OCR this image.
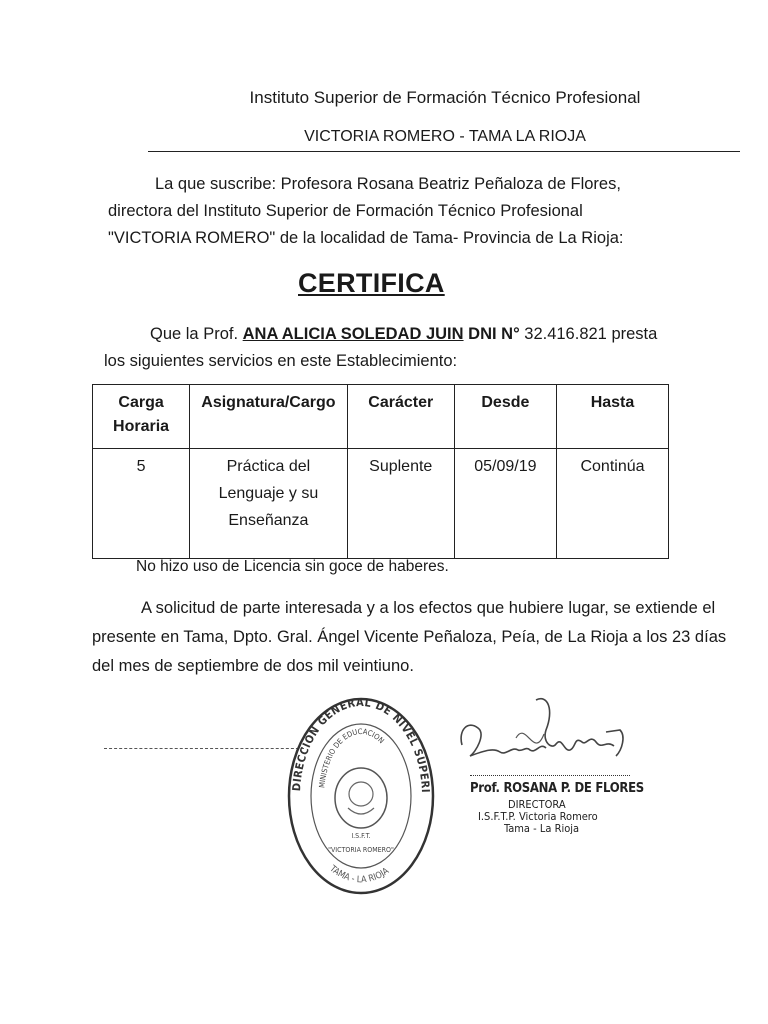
Instituto Superior de Formación Técnico Profesional
VICTORIA ROMERO - TAMA LA RIOJA
La que suscribe: Profesora Rosana Beatriz Peñaloza de Flores,
directora del Instituto Superior de Formación Técnico Profesional
"VICTORIA ROMERO" de la localidad de Tama- Provincia de La Rioja:
CERTIFICA
Que la Prof. ANA ALICIA SOLEDAD JUIN DNI N° 32.416.821 presta
los siguientes servicios en este Establecimiento:
Carga Horaria	Asignatura/Cargo	Carácter	Desde	Hasta
5	Práctica del Lenguaje y su Enseñanza	Suplente	05/09/19	Continúa
No hizo uso de Licencia sin goce de haberes.
A solicitud de parte interesada y a los efectos que hubiere lugar, se extiende el
presente en Tama, Dpto. Gral. Ángel Vicente Peñaloza, Peía, de La Rioja a los 23 días
del mes de septiembre de dos mil veintiuno.
DIRECCION GENERAL DE NIVEL SUPERI
MINISTERIO DE EDUCACION
I.S.F.T.
"VICTORIA ROMERO"
TAMA - LA RIOJA
Prof. ROSANA P. DE FLORES
DIRECTORA
I.S.F.T.P. Victoria Romero
Tama - La Rioja
